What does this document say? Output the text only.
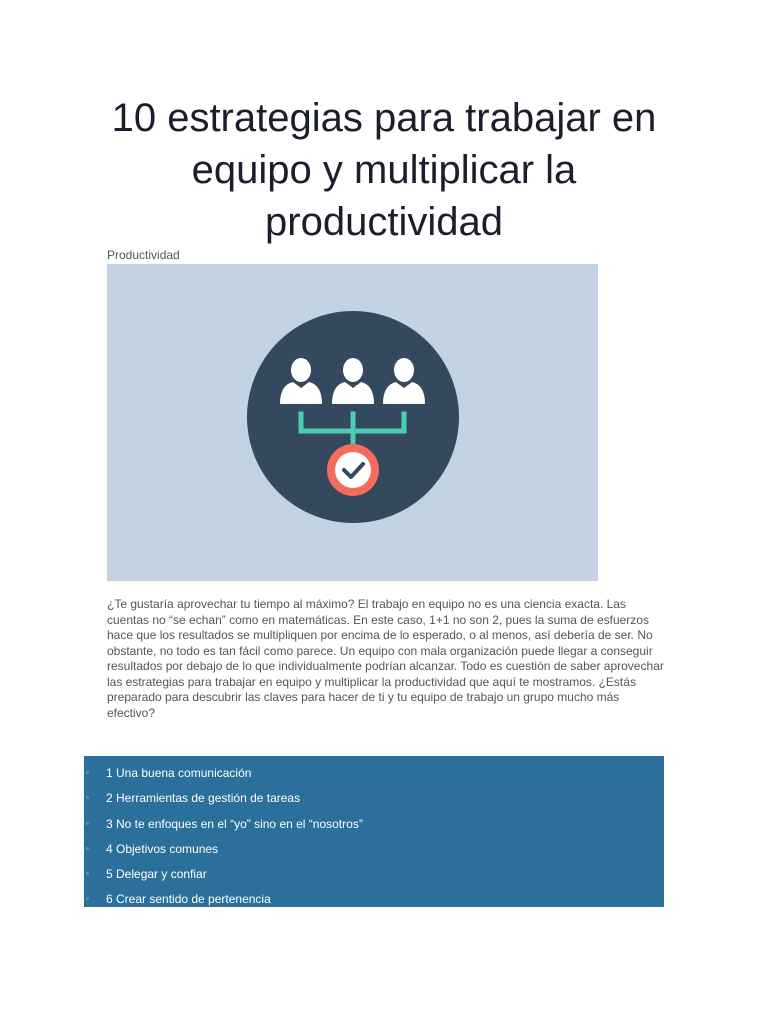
10 estrategias para trabajar en equipo y multiplicar la productividad
Productividad

¿Te gustaría aprovechar tu tiempo al máximo? El trabajo en equipo no es una ciencia exacta. Las cuentas no “se echan” como en matemáticas. En este caso, 1+1 no son 2, pues la suma de esfuerzos hace que los resultados se multipliquen por encima de lo esperado, o al menos, así debería de ser. No obstante, no todo es tan fácil como parece. Un equipo con mala organización puede llegar a conseguir resultados por debajo de lo que individualmente podrían alcanzar. Todo es cuestión de saber aprovechar las estrategias para trabajar en equipo y multiplicar la productividad que aquí te mostramos. ¿Estás preparado para descubrir las claves para hacer de ti y tu equipo de trabajo un grupo mucho más efectivo?

1 Una buena comunicación
2 Herramientas de gestión de tareas
3 No te enfoques en el “yo” sino en el “nosotros”
4 Objetivos comunes
5 Delegar y confiar
6 Crear sentido de pertenencia
